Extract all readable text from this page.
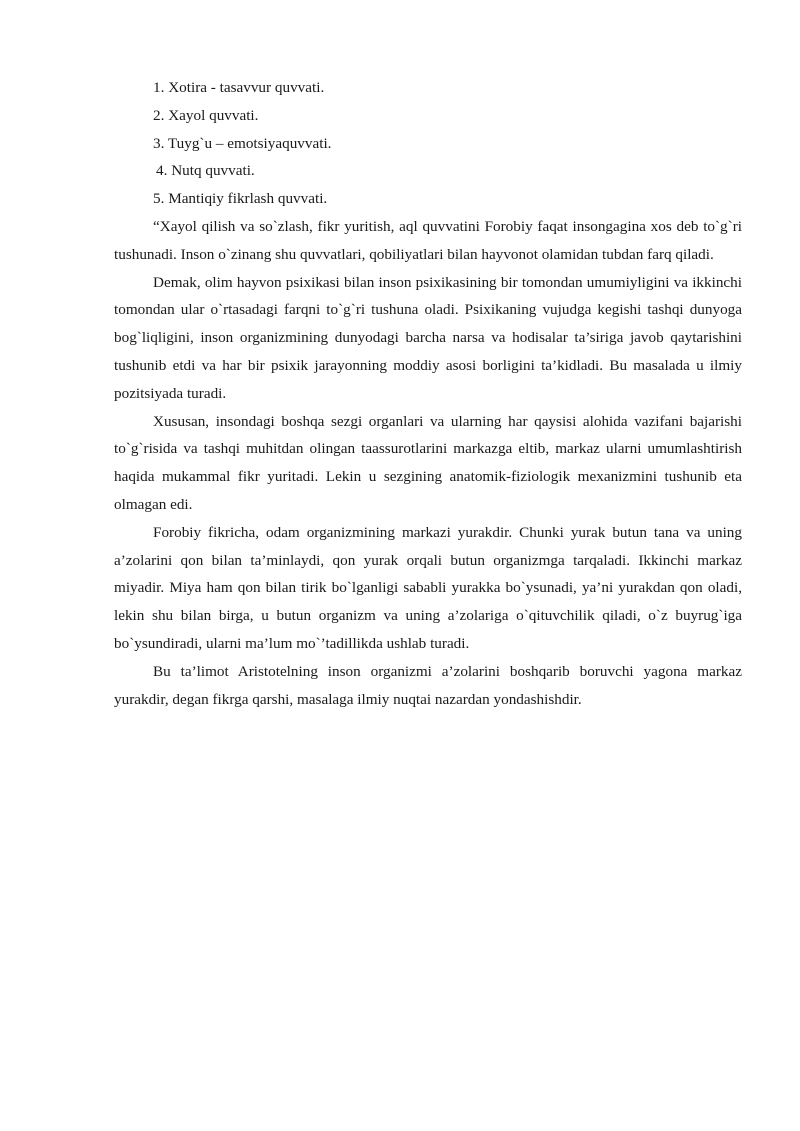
1. Xotira - tasavvur quvvati.

2. Xayol quvvati.

3. Tuyg`u – emotsiyaquvvati.

4. Nutq quvvati.

5. Mantiqiy fikrlash quvvati.

“Xayol qilish va so`zlash, fikr yuritish, aql quvvatini Forobiy faqat insongagina xos deb to`g`ri tushunadi. Inson o`zinang shu quvvatlari, qobiliyatlari bilan hayvonot olamidan tubdan farq qiladi.

Demak, olim hayvon psixikasi bilan inson psixikasining bir tomondan umumiyligini va ikkinchi tomondan ular o`rtasadagi farqni to`g`ri tushuna oladi. Psixikaning vujudga kegishi tashqi dunyoga bog`liqligini, inson organizmining dunyodagi barcha narsa va hodisalar ta’siriga javob qaytarishini tushunib etdi va har bir psixik jarayonning moddiy asosi borligini ta’kidladi. Bu masalada u ilmiy pozitsiyada turadi.

Xususan, insondagi boshqa sezgi organlari va ularning har qaysisi alohida vazifani bajarishi to`g`risida va tashqi muhitdan olingan taassurotlarini markazga eltib, markaz ularni umumlashtirish haqida mukammal fikr yuritadi. Lekin u sezgining anatomik-fiziologik mexanizmini tushunib eta olmagan edi.

Forobiy fikricha, odam organizmining markazi yurakdir. Chunki yurak butun tana va uning a’zolarini qon bilan ta’minlaydi, qon yurak orqali butun organizmga tarqaladi. Ikkinchi markaz miyadir. Miya ham qon bilan tirik bo`lganligi sababli yurakka bo`ysunadi, ya’ni yurakdan qon oladi, lekin shu bilan birga, u butun organizm va uning a’zolariga o`qituvchilik qiladi, o`z buyrug`iga bo`ysundiradi, ularni ma’lum mo`’tadillikda ushlab turadi.

Bu ta’limot Aristotelning inson organizmi a’zolarini boshqarib boruvchi yagona markaz yurakdir, degan fikrga qarshi, masalaga ilmiy nuqtai nazardan yondashishdir.
